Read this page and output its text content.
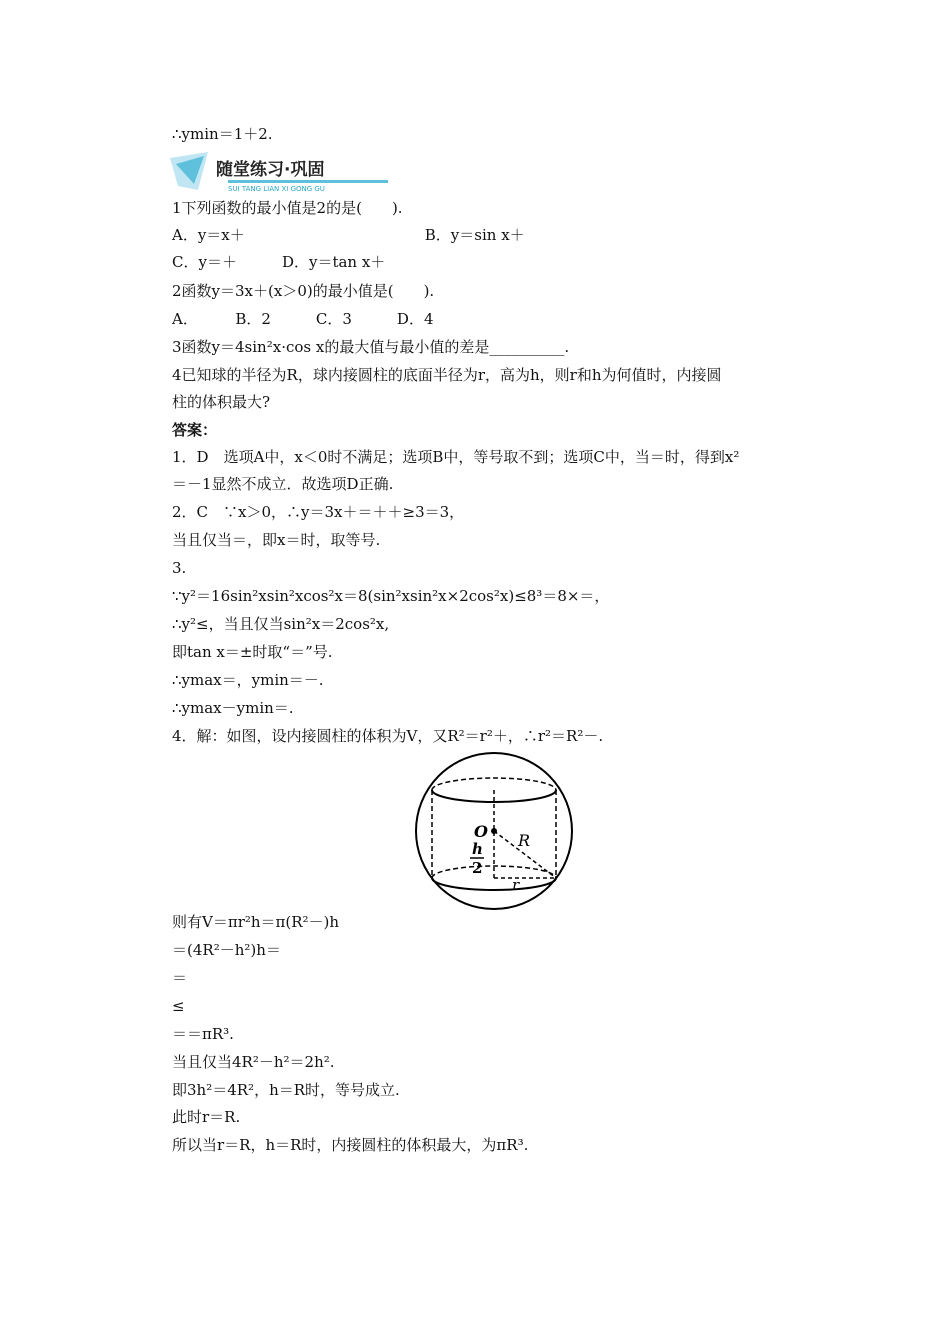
∴ymin＝1＋2.
随堂练习·巩固
SUI TANG LIAN XI GONG GU
1下列函数的最小值是2的是(　　).
A．y＝x＋　　　　　　　　　　　　B．y＝sin x＋
C．y＝＋　　　D．y＝tan x＋
2函数y＝3x＋(x＞0)的最小值是(　　).
A．　　　B．2　　　C．3　　　D．4
3函数y＝4sin²x·cos x的最大值与最小值的差是__________.
4已知球的半径为R，球内接圆柱的底面半径为r，高为h，则r和h为何值时，内接圆
柱的体积最大?
答案：
1．D　选项A中，x＜0时不满足；选项B中，等号取不到；选项C中，当＝时，得到x²
＝－1显然不成立．故选项D正确.
2．C　∵x＞0，∴y＝3x＋＝＋＋≥3＝3，
当且仅当＝，即x＝时，取等号.
3.
∵y²＝16sin²xsin²xcos²x＝8(sin²xsin²x×2cos²x)≤8³＝8×＝，
∴y²≤，当且仅当sin²x＝2cos²x,
即tan x＝±时取“＝”号.
∴ymax＝，ymin＝－.
∴ymax－ymin＝.
4．解：如图，设内接圆柱的体积为V，又R²＝r²＋，∴r²＝R²－.
O R
h
2
r
则有V＝πr²h＝π(R²－)h
＝(4R²－h²)h＝
＝
≤
＝＝πR³.
当且仅当4R²－h²＝2h².
即3h²＝4R²，h＝R时，等号成立.
此时r＝R.
所以当r＝R，h＝R时，内接圆柱的体积最大，为πR³.
